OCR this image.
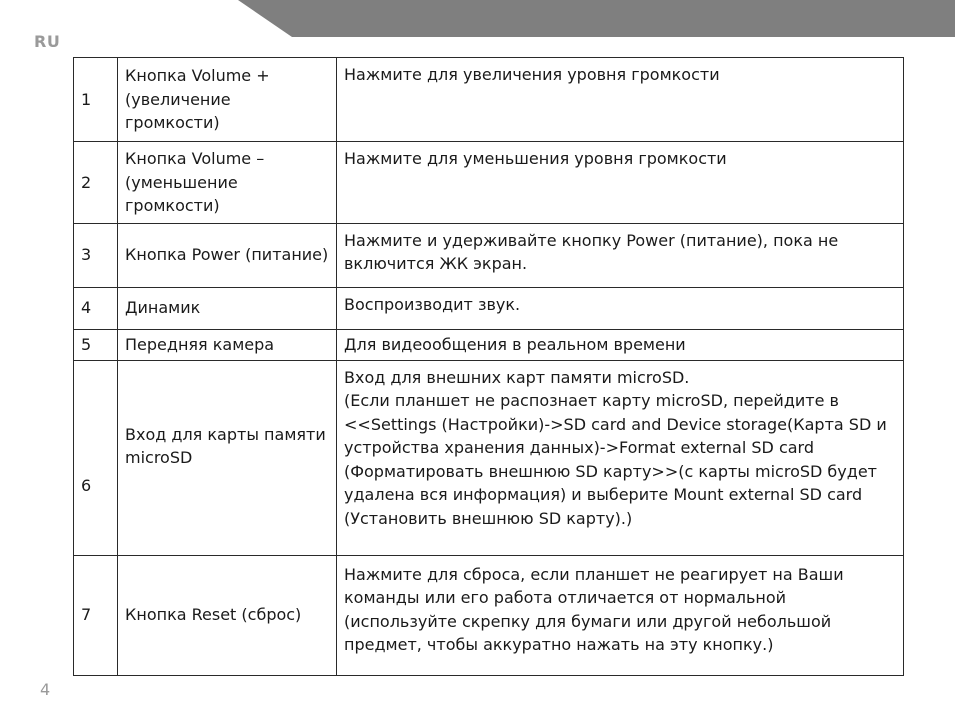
RU
1	Кнопка Volume + (увеличение громкости)	Нажмите для увеличения уровня громкости

2	Кнопка Volume – (уменьшение громкости)	Нажмите для уменьшения уровня громкости

3	Кнопка Power (питание)	Нажмите и удерживайте кнопку Power (питание), пока не включится ЖК экран.

4	Динамик	Воспроизводит звук.

5	Передняя камера	Для видеообщения в реальном времени

6	Вход для карты памяти microSD	Вход для внешних карт памяти microSD.
(Если планшет не распознает карту microSD, перейдите в <<Settings (Настройки)->SD card and Device storage(Карта SD и устройства хранения данных)->Format external SD card (Форматировать внешнюю SD карту>>(с карты microSD будет удалена вся информация) и выберите Mount external SD card (Установить внешнюю SD карту).)

7	Кнопка Reset (сброс)	Нажмите для сброса, если планшет не реагирует на Ваши команды или его работа отличается от нормальной (используйте скрепку для бумаги или другой небольшой предмет, чтобы аккуратно нажать на эту кнопку.)
4
